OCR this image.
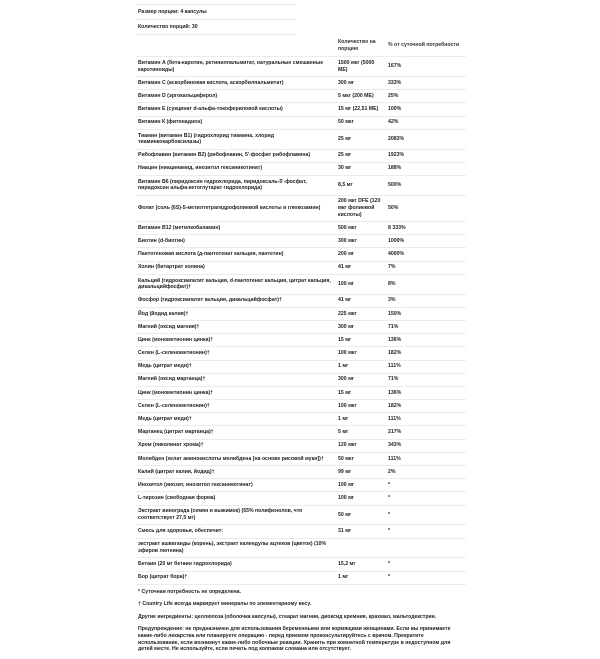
Размер порции: 4 капсулы
Количество порций: 30
	Количество на порцию	% от суточной потребности
Витамин А (бета-каротин, ретинилпальмитат, натуральные смешанные каротиноиды)	1500 мкг (5000 МЕ)	167%
Витамин С (аскорбиновая кислота, аскорбилпальмитат)	300 мг	333%
Витамин D (эргокальциферол)	5 мкг (200 МЕ)	25%
Витамин E (сукцинат d-альфа-токофериловой кислоты)	15 мг (22,51 МЕ)	100%
Витамин К (фитонадион)	50 мкг	42%
Тиамин (витамин B1) (гидрохлорид тиамина, хлорид тиаминкокарбоксилазы)	25 мг	2083%
Рибофлавин (витамин B2) (рибофлавин, 5'-фосфат рибофлавина)	25 мг	1923%
Ниацин (ниацинамид, инозитол гексаникотинат)	30 мг	188%
Витамин B6 (пиридоксин гидрохлорида, пиридоксаль-5'-фосфат, пиридоксин альфа-кетоглутарат гидрохлорида)	8,5 мг	500%
Фолат (соль (6S)-5-метилтетрагидрофолиевой кислоты и глюкозамин)	200 мкг DFE (120 мкг фолиевой кислоты)	50%
Витамин B12 (метилкобаламин)	500 мкг	8 333%
Биотин (d-биотин)	300 мкг	1000%
Пантотеновая кислота (д-пантотенат кальция, пантетин)	200 мг	4000%
Холин (битартрат холина)	41 мг	7%
Кальций (гидроксиапатит кальция, d-пантотенат кальция, цитрат кальция, дикальцийфосфат)†	100 мг	8%
Фосфор (гидроксиапатит кальция, дикальцийфосфат)†	41 мг	3%
Йод (йодид калия)†	225 мкг	150%
Магний (оксид магния)†	300 мг	71%
Цинк (монометионин цинка)†	15 мг	136%
Селен (L-селенометионин)†	100 мкг	182%
Медь (цитрат меди)†	1 мг	111%
Магний (оксид марганца)†	300 мг	71%
Цинк (монометионин цинка)†	15 мг	136%
Селен (L-селенометионин)†	100 мкг	182%
Медь (цитрат меди)†	1 мг	111%
Марганец (цитрат марганца)†	5 мг	217%
Хром (пиколинат хрома)†	120 мкг	343%
Молибден (хелат аминокислоты молибдена [на основе рисовой муки])†	50 мкг	111%
Калий (цитрат калия, йодид)†	99 мг	2%
Инозитол (инозит, инозитол гексаникотинат)	100 мг	*
L-тирозин (свободная форма)	100 мг	*
Экстракт винограда (семян и выжимок) (55% полифенолов, что соответствует 27,5 мг)	50 мг	*
Смесь для здоровья, обеспечит:	31 мг	*
экстракт ашваганды (корень), экстракт календулы ацтеков (цветок) (10% эфиров лютеина)		
Бетаин (20 мг бетаин гидрохлорида)	15,2 мг	*
Бор (цитрат бора)†	1 мг	*

* Суточная потребность не определена.

† Country Life всегда маркирует минералы по элементарному весу.

Другие ингредиенты: целлюлоза (оболочка капсулы), стеарат магния, диоксид кремния, крахмал, мальтодекстрин.

Предупреждение: не предназначен для использования беременными или кормящими женщинами. Если вы принимаете какие-либо лекарства или планируете операцию - перед приемом проконсультируйтесь с врачом. Прекратите использование, если возникнут какие-либо побочные реакции. Хранить при комнатной температуре в недоступном для детей месте. Не используйте, если печать под колпаком сломана или отсутствует.
